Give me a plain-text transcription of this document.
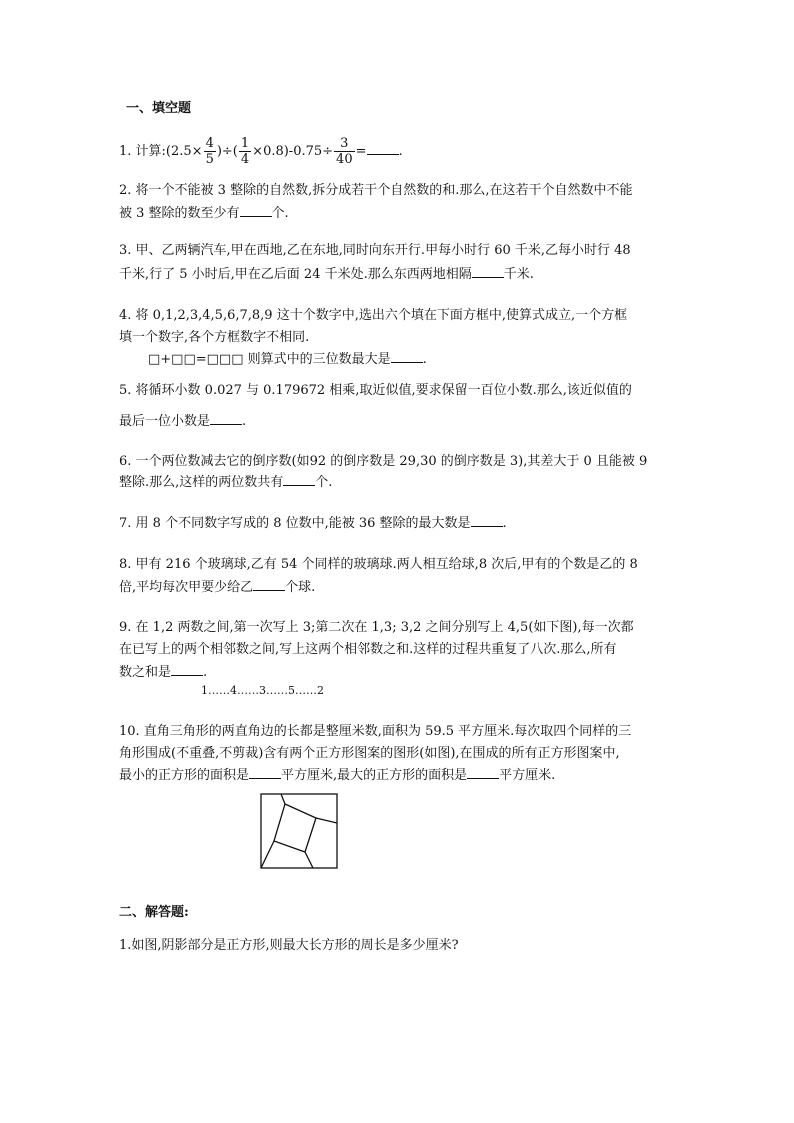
一、填空题
1. 计算:(2.5× $\frac{4}{5}$ )÷( $\frac{1}{4} \times 0.8)-0.75\div \frac{3}{40}$ = .
2. 将一个不能被 3 整除的自然数,拆分成若干个自然数的和.那么,在这若干个自然数中不能
被 3 整除的数至少有 个.
3. 甲、乙两辆汽车,甲在西地,乙在东地,同时向东开行.甲每小时行 60 千米,乙每小时行 48
千米,行了 5 小时后,甲在乙后面 24 千米处.那么东西两地相隔 千米.
4. 将 0,1,2,3,4,5,6,7,8,9 这十个数字中,选出六个填在下面方框中,使算式成立,一个方框
填一个数字,各个方框数字不相同.
□+□□=□□□ 则算式中的三位数最大是 .
5. 将循环小数 0.027 与 0.179672 相乘,取近似值,要求保留一百位小数.那么,该近似值的
最后一位小数是 .
6. 一个两位数减去它的倒序数(如92 的倒序数是 29,30 的倒序数是 3),其差大于 0 且能被 9
整除.那么,这样的两位数共有 个.
7. 用 8 个不同数字写成的 8 位数中,能被 36 整除的最大数是 .
8. 甲有 216 个玻璃球,乙有 54 个同样的玻璃球.两人相互给球,8 次后,甲有的个数是乙的 8
倍,平均每次甲要少给乙 个球.
9. 在 1,2 两数之间,第一次写上 3;第二次在 1,3; 3,2 之间分别写上 4,5(如下图),每一次都
在已写上的两个相邻数之间,写上这两个相邻数之和.这样的过程共重复了八次.那么,所有
数之和是 .
1……4……3……5……2
10. 直角三角形的两直角边的长都是整厘米数,面积为 59.5 平方厘米.每次取四个同样的三
角形围成(不重叠,不剪裁)含有两个正方形图案的图形(如图),在围成的所有正方形图案中,
最小的正方形的面积是 平方厘米,最大的正方形的面积是 平方厘米.
二、解答题:
1.如图,阴影部分是正方形,则最大长方形的周长是多少厘米?
